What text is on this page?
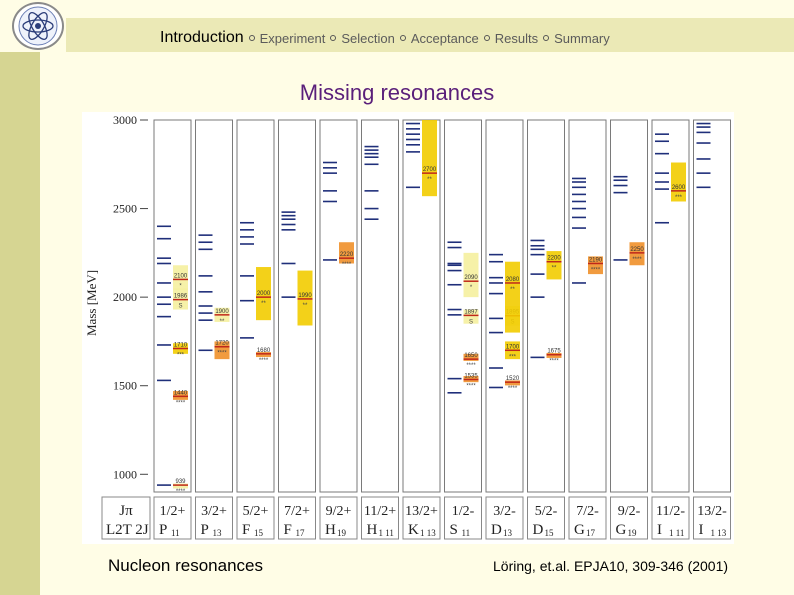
Introduction Experiment Selection Acceptance Results Summary
Missing resonances
Mass [MeV]
1000
1500
2000
2500
3000
Jπ
L2T 2J
939
****
1440
****
1710
***
1986
S
2100
*
1/2+
P 11
1720
****
1900
**
3/2+
P 13
1680
****
2000
**
5/2+
F 15
1990
**
7/2+
F 17
2220
****
9/2+
H 19
11/2+
H 1 11
2700
**
13/2+
K 1 13
1535
****
1650
****
1897
S
2090
*
1/2-
S 11
1520
****
1700
***
2080
**
3/2-
D 13
1675
****
2200
**
5/2-
D 15
2190
****
7/2-
G 17
2250
****
9/2-
G 19
2600
***
11/2-
I 1 11
13/2-
I 1 13
Nucleon resonances	Löring, et.al. EPJA10, 309-346 (2001)
